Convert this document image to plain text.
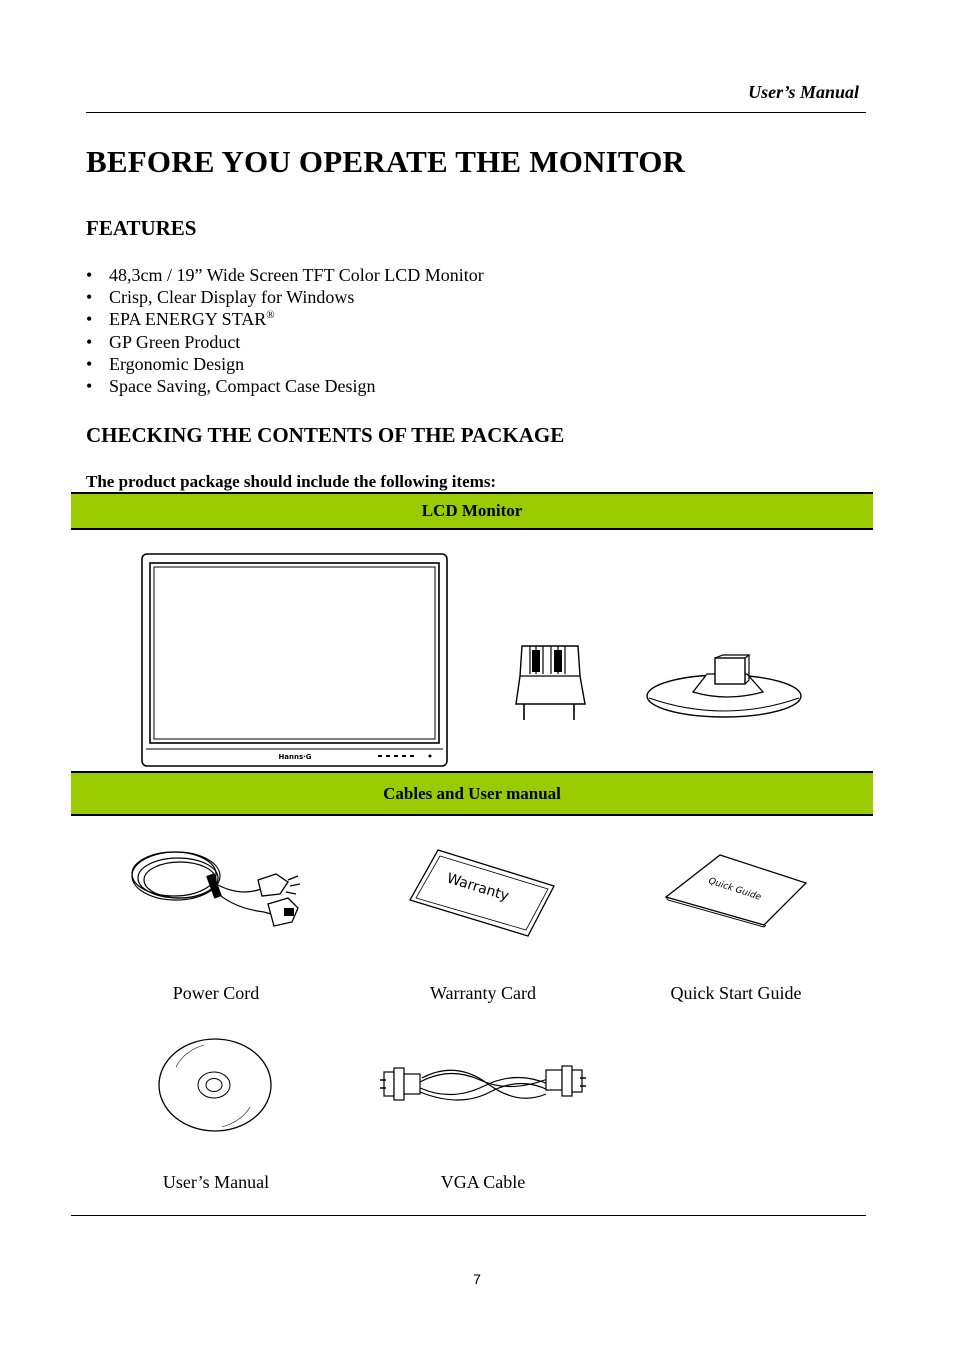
User’s Manual
BEFORE YOU OPERATE THE MONITOR
FEATURES
• 48,3cm / 19” Wide Screen TFT Color LCD Monitor
• Crisp, Clear Display for Windows
• EPA ENERGY STAR®
• GP Green Product
• Ergonomic Design
• Space Saving, Compact Case Design
CHECKING THE CONTENTS OF THE PACKAGE
The product package should include the following items:
LCD Monitor
Hanns·G
Cables and User manual
Warranty	Quick Guide
Power Cord	Warranty Card	Quick Start Guide
User’s Manual	VGA Cable
7
